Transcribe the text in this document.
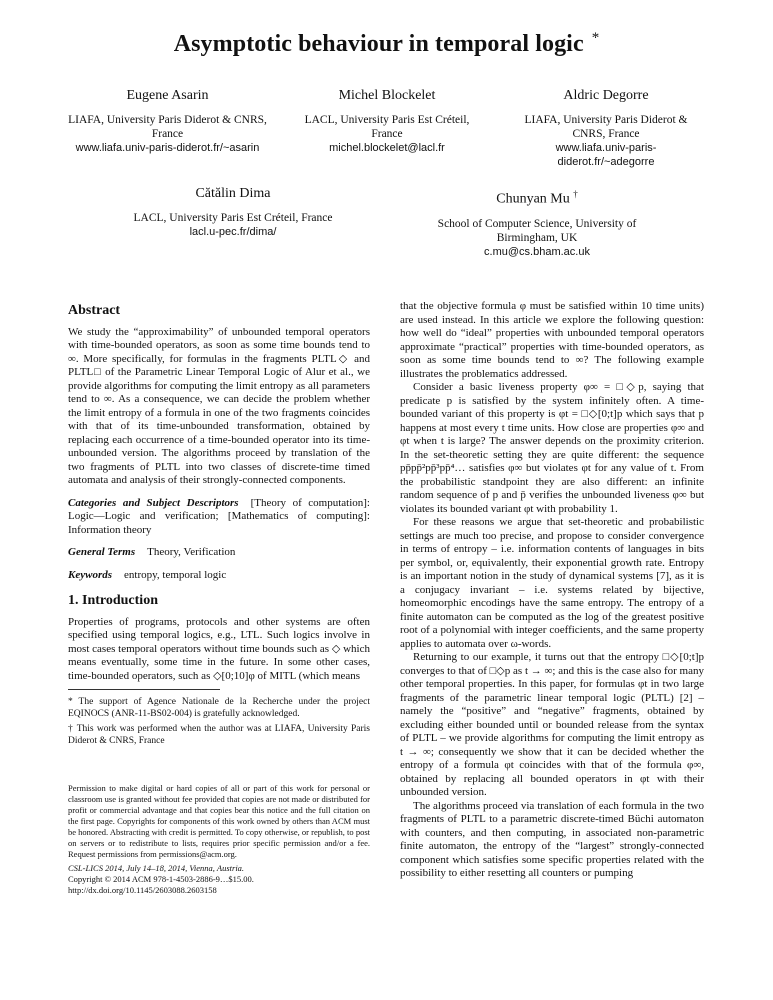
Asymptotic behaviour in temporal logic *
Eugene Asarin
LIAFA, University Paris Diderot & CNRS, France
www.liafa.univ-paris-diderot.fr/~asarin
Michel Blockelet
LACL, University Paris Est Créteil, France
michel.blockelet@lacl.fr
Aldric Degorre
LIAFA, University Paris Diderot & CNRS, France
www.liafa.univ-paris-diderot.fr/~adegorre
Cătălin Dima
LACL, University Paris Est Créteil, France
lacl.u-pec.fr/dima/
Chunyan Mu †
School of Computer Science, University of Birmingham, UK
c.mu@cs.bham.ac.uk
Abstract

We study the “approximability” of unbounded temporal operators with time-bounded operators, as soon as some time bounds tend to ∞. More specifically, for formulas in the fragments PLTL◇ and PLTL□ of the Parametric Linear Temporal Logic of Alur et al., we provide algorithms for computing the limit entropy as all parameters tend to ∞. As a consequence, we can decide the problem whether the limit entropy of a formula in one of the two fragments coincides with that of its time-unbounded transformation, obtained by replacing each occurrence of a time-bounded operator into its time-unbounded version. The algorithms proceed by translation of the two fragments of PLTL into two classes of discrete-time timed automata and analysis of their strongly-connected components.

Categories and Subject Descriptors [Theory of computation]: Logic—Logic and verification; [Mathematics of computing]: Information theory
General Terms Theory, Verification
Keywords entropy, temporal logic
1. Introduction

Properties of programs, protocols and other systems are often specified using temporal logics, e.g., LTL. Such logics involve in most cases temporal operators without time bounds such as ◇ which means eventually, some time in the future. In some other cases, time-bounded operators, such as ◇[0;10]φ of MITL (which means

* The support of Agence Nationale de la Recherche under the project EQINOCS (ANR-11-BS02-004) is gratefully acknowledged.
† This work was performed when the author was at LIAFA, University Paris Diderot & CNRS, France
Permission to make digital or hard copies of all or part of this work for personal or classroom use is granted without fee provided that copies are not made or distributed for profit or commercial advantage and that copies bear this notice and the full citation on the first page. Copyrights for components of this work owned by others than ACM must be honored. Abstracting with credit is permitted. To copy otherwise, or republish, to post on servers or to redistribute to lists, requires prior specific permission and/or a fee. Request permissions from permissions@acm.org.
CSL-LICS 2014, July 14–18, 2014, Vienna, Austria.
Copyright © 2014 ACM 978-1-4503-2886-9…$15.00.
http://dx.doi.org/10.1145/2603088.2603158

that the objective formula φ must be satisfied within 10 time units) are used instead. In this article we explore the following question: how well do “ideal” properties with unbounded temporal operators approximate “practical” properties with time-bounded operators, as soon as some time bounds tend to ∞? The following example illustrates the problematics addressed.

Consider a basic liveness property φ∞ = □◇p, saying that predicate p is satisfied by the system infinitely often. A time-bounded variant of this property is φt = □◇[0;t]p which says that p happens at most every t time units. How close are properties φ∞ and φt when t is large? The answer depends on the proximity criterion. In the set-theoretic setting they are quite different: the sequence pp̄pp̄²pp̄³pp̄⁴… satisfies φ∞ but violates φt for any value of t. From the probabilistic standpoint they are also different: an infinite random sequence of p and p̄ verifies the unbounded liveness φ∞ but violates its bounded variant φt with probability 1.

For these reasons we argue that set-theoretic and probabilistic settings are much too precise, and propose to consider convergence in terms of entropy – i.e. information contents of languages in bits per symbol, or, equivalently, their exponential growth rate. Entropy is an important notion in the study of dynamical systems [7], as it is a conjugacy invariant – i.e. systems related by bijective, homeomorphic encodings have the same entropy. The entropy of a finite automaton can be computed as the log of the greatest positive root of a polynomial with integer coefficients, and the same property applies to automata over ω-words.

Returning to our example, it turns out that the entropy □◇[0;t]p converges to that of □◇p as t → ∞; and this is the case also for many other temporal properties. In this paper, for formulas φt in two large fragments of the parametric linear temporal logic (PLTL) [2] – namely the “positive” and “negative” fragments, obtained by excluding either bounded until or bounded release from the syntax of PLTL – we provide algorithms for computing the limit entropy as t → ∞; consequently we show that it can be decided whether the entropy of a formula φt coincides with that of the formula φ∞, obtained by replacing all bounded operators in φt with their unbounded version.

The algorithms proceed via translation of each formula in the two fragments of PLTL to a parametric discrete-timed Büchi automaton with counters, and then computing, in associated non-parametric finite automaton, the entropy of the “largest” strongly-connected component which satisfies some specific properties related with the possibility to either resetting all counters or pumping
